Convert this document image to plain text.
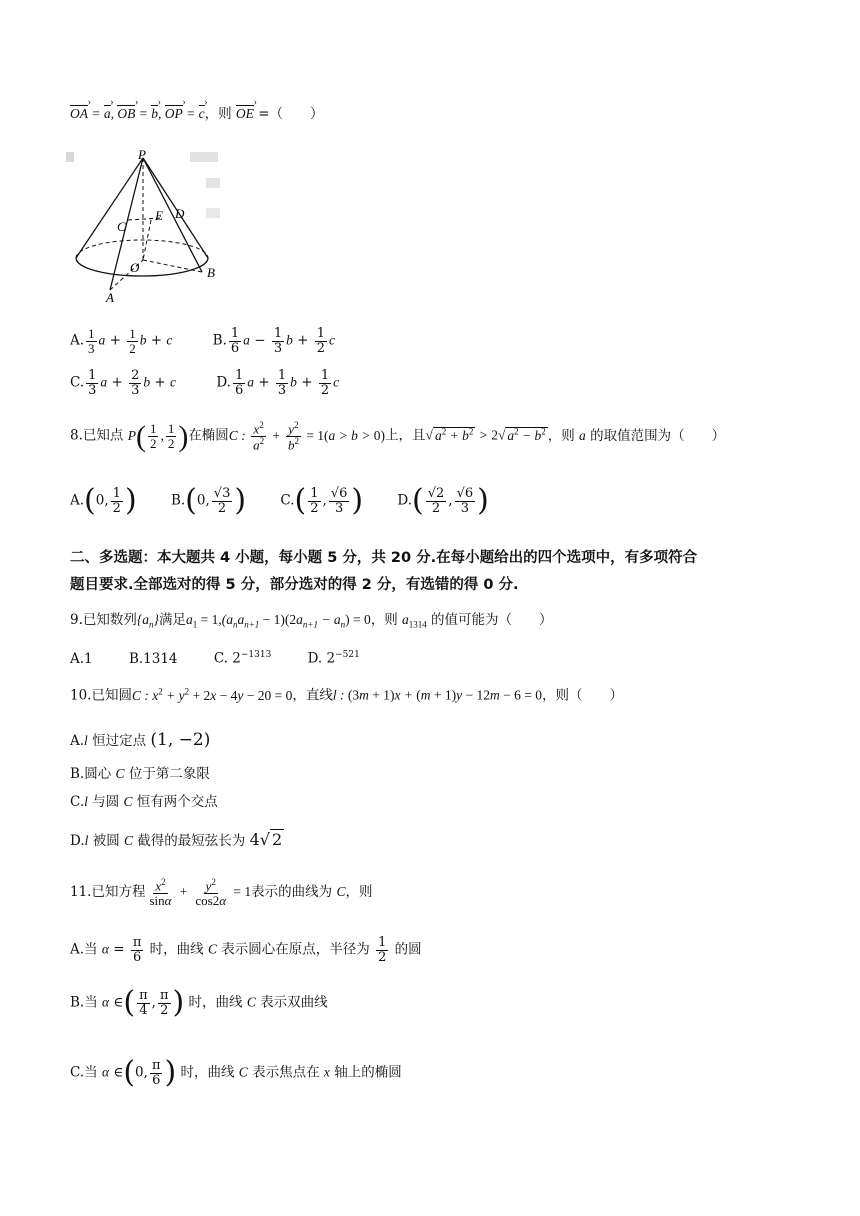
OA › = a ›, OB › = b ›, OP › = c ›，则 OE › =（　　）
P
C
E D
O
A
B
A. $\frac{1}{3}$ $a + \frac{1}{2}$ b + c	B. $\frac{1}{6}$ $a - \frac{1}{3}$ $b + \frac{1}{2}$ c
C. $\frac{1}{3}$ $a + \frac{2}{3}$ b + c	D. $\frac{1}{6}$ $a + \frac{1}{3}$ $b + \frac{1}{2}$ c
8.已知点 $P( \frac{1}{2}$ , $\frac{1}{2}$ )在椭圆C : $\frac{x^2}{a^2} + \frac{y^2}{b^2} = 1(a > b > 0)$上，且√ $a^2 + b^2 > 2√$ $a^2 - b^2$ ，则 a 的取值范围为（　　）
A.(0, $\frac{1}{2}$ )	B.(0, $\frac{√3}{2}$ )	$C.( \frac{1}{2}$ , $\frac{√6}{3}$ )	$D.( \frac{√2}{2}$ , $\frac{√6}{3}$ )
二、多选题：本大题共 4 小题，每小题 5 分，共 20 分.在每小题给出的四个选项中，有多项符合
题目要求.全部选对的得 5 分，部分选对的得 2 分，有选错的得 0 分.
9.已知数列$\{a_n\}$满足$a_1 = 1,(a_na_{n+1} - 1)(2a_{n+1} - a_n) = 0$，则 $a_{1314}$ 的值可能为（　　）
A.1	B.1314	C. $2^{-1313}$	D. $2^{-521}$
10.已知圆C : $x^2 + y^2 + 2x - 4y - 20 = 0$，直线l : (3m + 1)x + (m + 1)y − 12m − 6 = 0，则（　　）
A.l 恒过定点 (1, −2)
B.圆心 C 位于第二象限
C.l 与圆 C 恒有两个交点
D.l 被圆 C 截得的最短弦长为 4√ 2
11.已知方程 $\frac{x^2}{\sin\alpha} + \frac{y^2}{\cos 2\alpha} = 1$表示的曲线为 C，则
A.当 $\alpha = \frac{\pi}{6}$ 时，曲线 C 表示圆心在原点，半径为 $\frac{1}{2}$ 的圆
B.当 α ∈( $\frac{\pi}{4}$ , $\frac{\pi}{2}$ ) 时，曲线 C 表示双曲线
C.当 α ∈(0, $\frac{\pi}{6}$ ) 时，曲线 C 表示焦点在 x 轴上的椭圆
